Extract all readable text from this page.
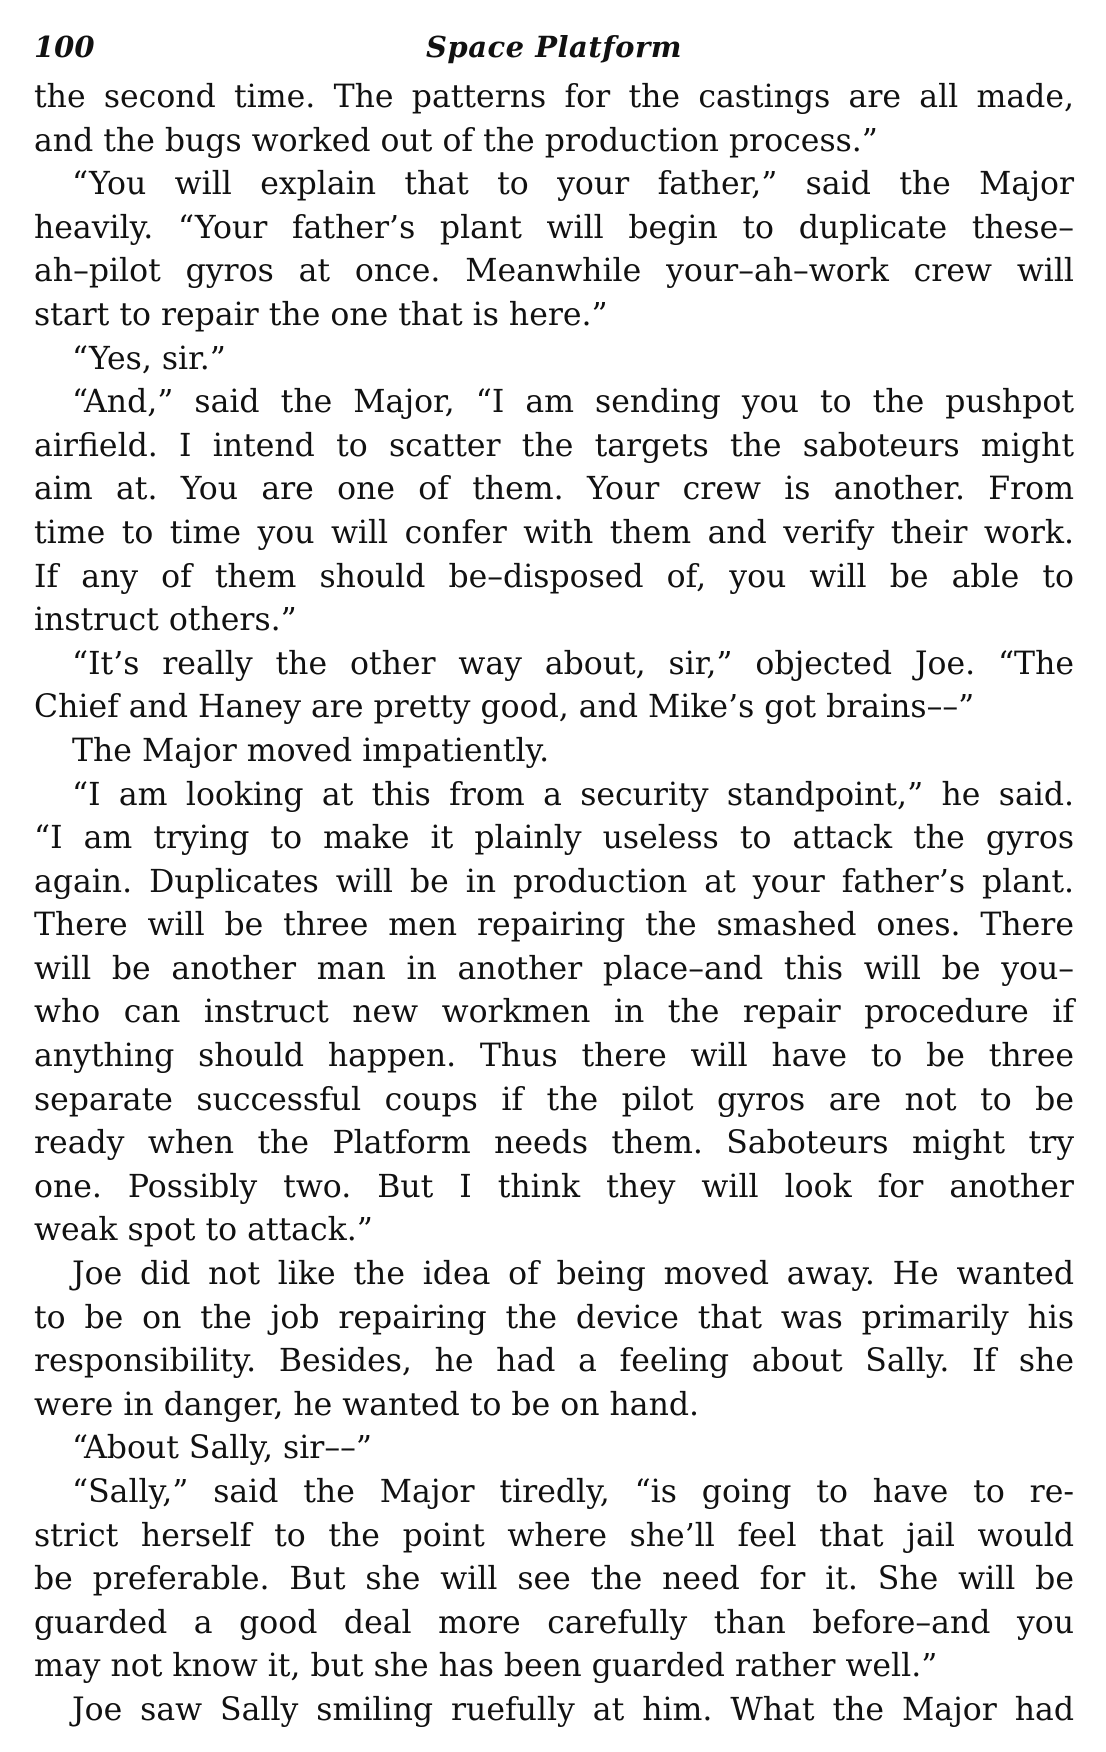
100	Space Platform
the second time. The patterns for the castings are all made,
and the bugs worked out of the production process.”
“You will explain that to your father,” said the Major
heavily. “Your father’s plant will begin to duplicate these–
ah–pilot gyros at once. Meanwhile your–ah–work crew will
start to repair the one that is here.”
“Yes, sir.”
“And,” said the Major, “I am sending you to the pushpot
airfield. I intend to scatter the targets the saboteurs might
aim at. You are one of them. Your crew is another. From
time to time you will confer with them and verify their work.
If any of them should be–disposed of, you will be able to
instruct others.”
“It’s really the other way about, sir,” objected Joe. “The
Chief and Haney are pretty good, and Mike’s got brains––”
The Major moved impatiently.
“I am looking at this from a security standpoint,” he said.
“I am trying to make it plainly useless to attack the gyros
again. Duplicates will be in production at your father’s plant.
There will be three men repairing the smashed ones. There
will be another man in another place–and this will be you–
who can instruct new workmen in the repair procedure if
anything should happen. Thus there will have to be three
separate successful coups if the pilot gyros are not to be
ready when the Platform needs them. Saboteurs might try
one. Possibly two. But I think they will look for another
weak spot to attack.”
Joe did not like the idea of being moved away. He wanted
to be on the job repairing the device that was primarily his
responsibility. Besides, he had a feeling about Sally. If she
were in danger, he wanted to be on hand.
“About Sally, sir––”
“Sally,” said the Major tiredly, “is going to have to re-
strict herself to the point where she’ll feel that jail would
be preferable. But she will see the need for it. She will be
guarded a good deal more carefully than before–and you
may not know it, but she has been guarded rather well.”
Joe saw Sally smiling ruefully at him. What the Major had
